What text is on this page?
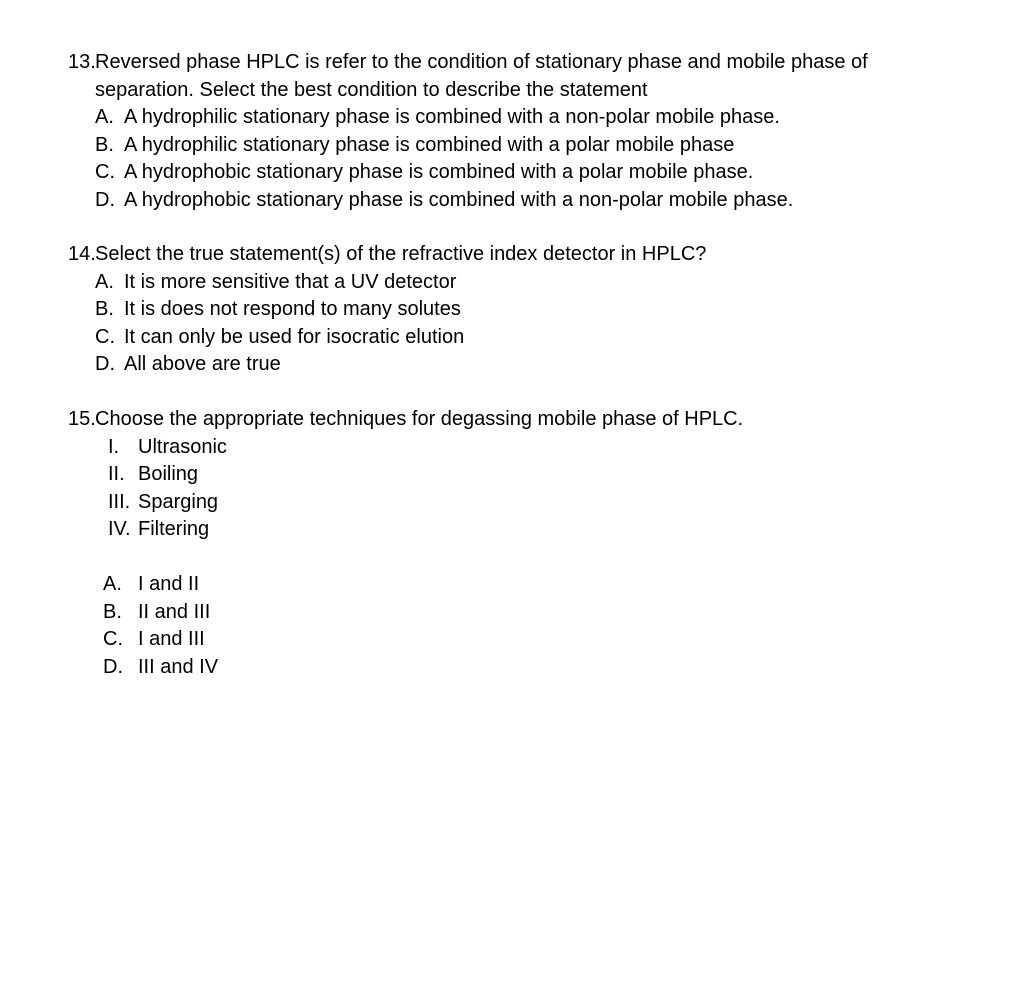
13. Reversed phase HPLC is refer to the condition of stationary phase and mobile phase of separation. Select the best condition to describe the statement
A. A hydrophilic stationary phase is combined with a non-polar mobile phase.
B. A hydrophilic stationary phase is combined with a polar mobile phase
C. A hydrophobic stationary phase is combined with a polar mobile phase.
D. A hydrophobic stationary phase is combined with a non-polar mobile phase.
14. Select the true statement(s) of the refractive index detector in HPLC?
A. It is more sensitive that a UV detector
B. It is does not respond to many solutes
C. It can only be used for isocratic elution
D. All above are true
15. Choose the appropriate techniques for degassing mobile phase of HPLC.
I. Ultrasonic
II. Boiling
III. Sparging
IV. Filtering
A. I and II
B. II and III
C. I and III
D. III and IV
